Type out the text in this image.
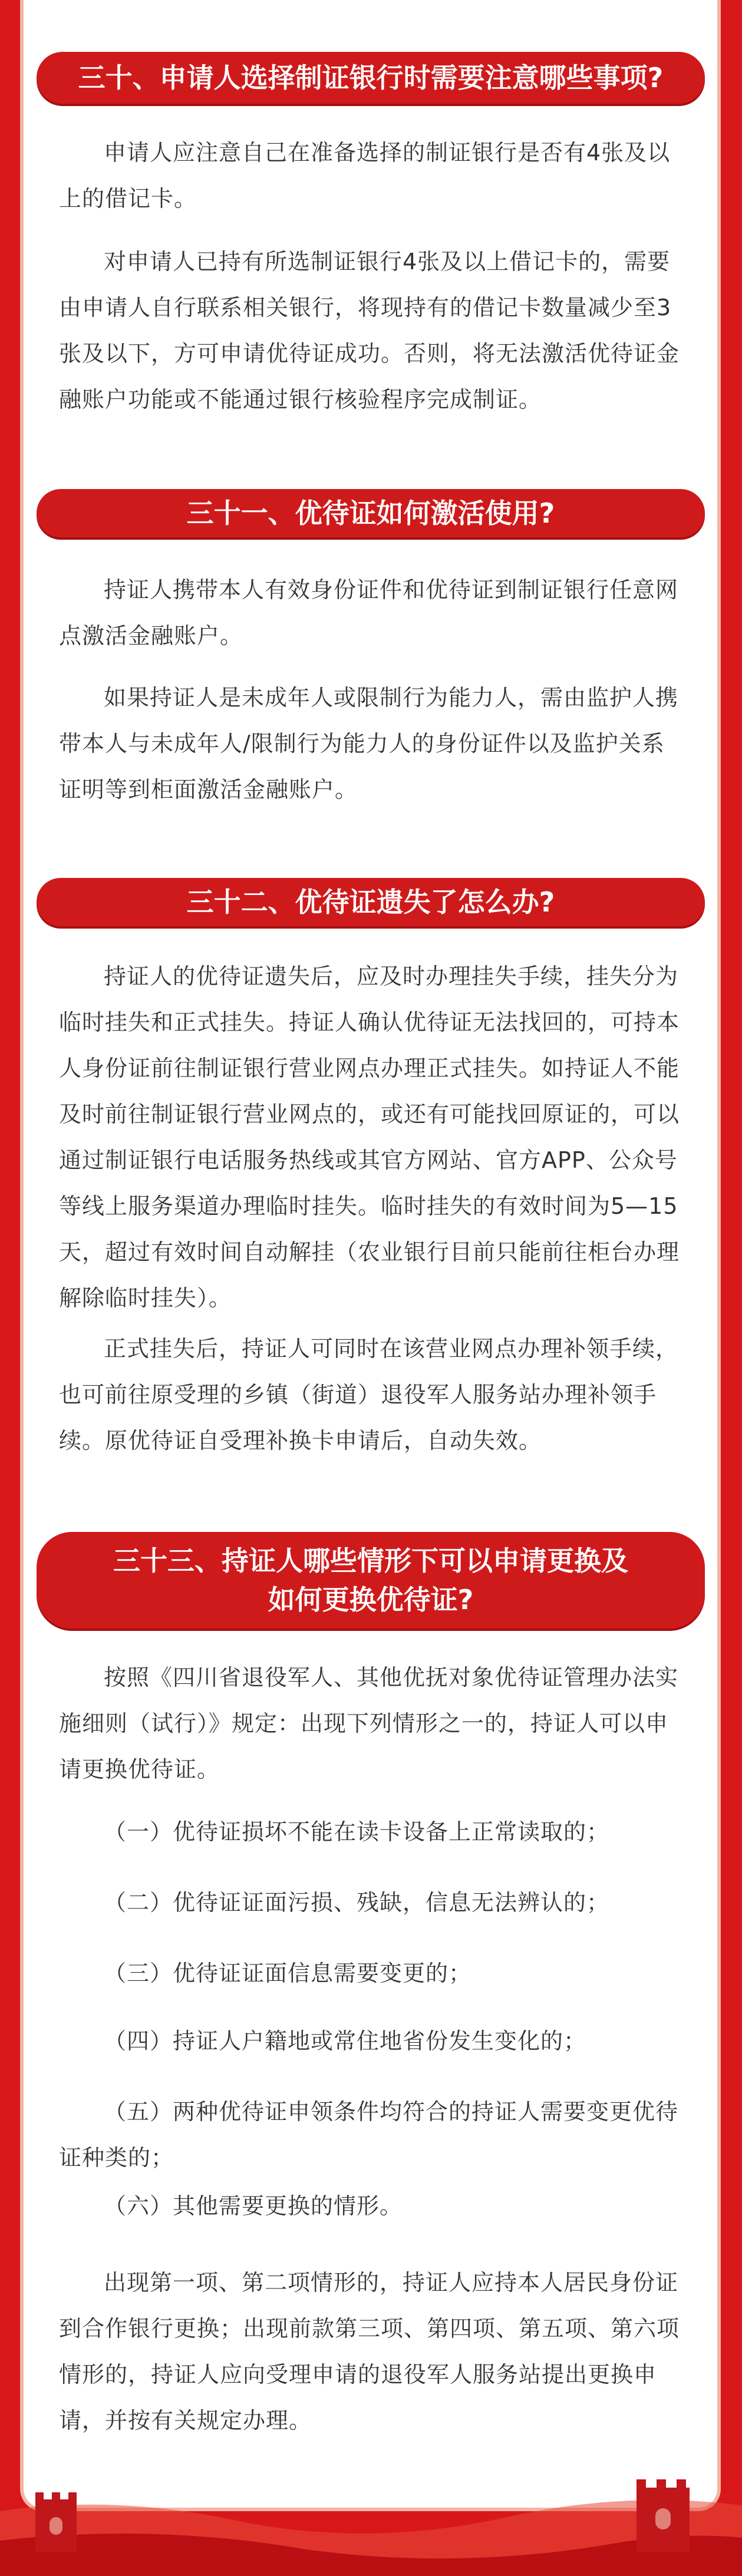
三十、申请人选择制证银行时需要注意哪些事项?

申请人应注意自己在准备选择的制证银行是否有4张及以上的借记卡。

对申请人已持有所选制证银行4张及以上借记卡的，需要由申请人自行联系相关银行，将现持有的借记卡数量减少至3张及以下，方可申请优待证成功。否则，将无法激活优待证金融账户功能或不能通过银行核验程序完成制证。

三十一、优待证如何激活使用?

持证人携带本人有效身份证件和优待证到制证银行任意网点激活金融账户。

如果持证人是未成年人或限制行为能力人，需由监护人携带本人与未成年人/限制行为能力人的身份证件以及监护关系证明等到柜面激活金融账户。

三十二、优待证遗失了怎么办?

持证人的优待证遗失后，应及时办理挂失手续，挂失分为临时挂失和正式挂失。持证人确认优待证无法找回的，可持本人身份证前往制证银行营业网点办理正式挂失。如持证人不能及时前往制证银行营业网点的，或还有可能找回原证的，可以通过制证银行电话服务热线或其官方网站、官方APP、公众号等线上服务渠道办理临时挂失。临时挂失的有效时间为5—15天，超过有效时间自动解挂（农业银行目前只能前往柜台办理解除临时挂失）。

正式挂失后，持证人可同时在该营业网点办理补领手续，也可前往原受理的乡镇（街道）退役军人服务站办理补领手续。原优待证自受理补换卡申请后，自动失效。

三十三、持证人哪些情形下可以申请更换及
如何更换优待证?

按照《四川省退役军人、其他优抚对象优待证管理办法实施细则（试行）》规定：出现下列情形之一的，持证人可以申请更换优待证。

（一）优待证损坏不能在读卡设备上正常读取的；

（二）优待证证面污损、残缺，信息无法辨认的；

（三）优待证证面信息需要变更的；

（四）持证人户籍地或常住地省份发生变化的；

（五）两种优待证申领条件均符合的持证人需要变更优待证种类的；

（六）其他需要更换的情形。

出现第一项、第二项情形的，持证人应持本人居民身份证到合作银行更换；出现前款第三项、第四项、第五项、第六项情形的，持证人应向受理申请的退役军人服务站提出更换申请，并按有关规定办理。
